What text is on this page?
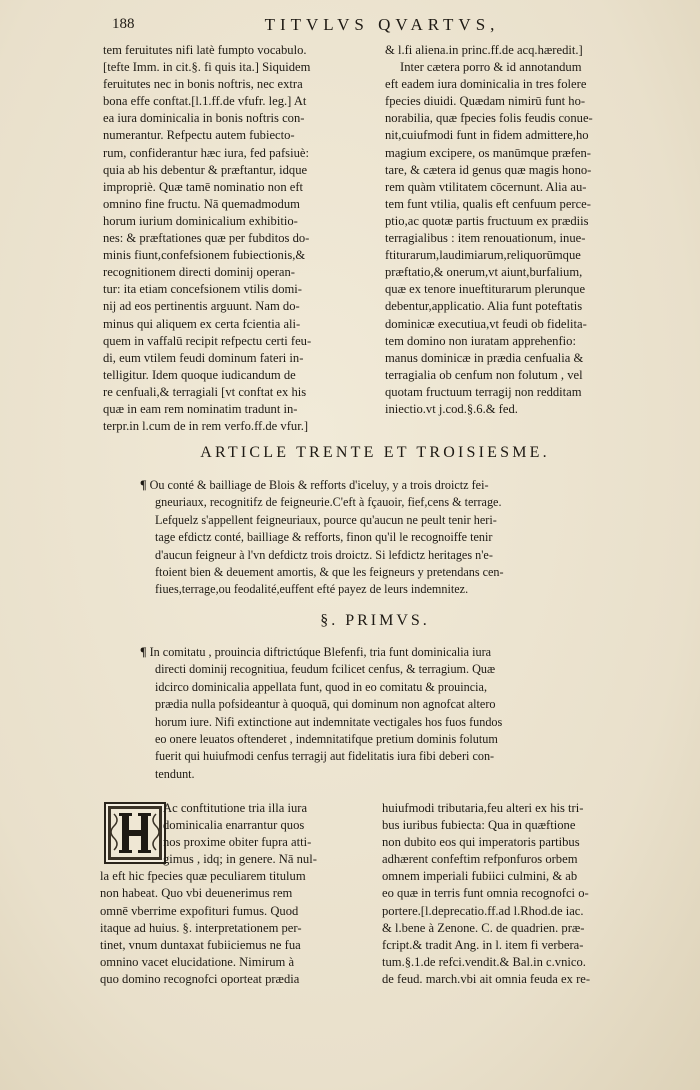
188	TITVLVS QVARTVS,
tem feruitutes nifi latè fumpto vocabulo.
[tefte Imm. in cit.§. fi quis ita.] Siquidem
feruitutes nec in bonis noftris, nec extra
bona effe conftat.[l.1.ff.de vfufr. leg.] At
ea iura dominicalia in bonis noftris con-
numerantur. Refpectu autem fubiecto-
rum, confiderantur hæc iura, fed pafsiuè:
quia ab his debentur & præftantur, idque
impropriè. Quæ tamē nominatio non eft
omnino fine fructu. Nā quemadmodum
horum iurium dominicalium exhibitio-
nes: & præftationes quæ per fubditos do-
minis fiunt,confefsionem fubiectionis,&
recognitionem directi dominij operan-
tur: ita etiam concefsionem vtilis domi-
nij ad eos pertinentis arguunt. Nam do-
minus qui aliquem ex certa fcientia ali-
quem in vaffalū recipit refpectu certi feu-
di, eum vtilem feudi dominum fateri in-
telligitur. Idem quoque iudicandum de
re cenfuali,& terragiali [vt conftat ex his
quæ in eam rem nominatim tradunt in-
terpr.in l.cum de in rem verfo.ff.de vfur.]
& l.fi aliena.in princ.ff.de acq.hæredit.]
Inter cætera porro & id annotandum
eft eadem iura dominicalia in tres folere
fpecies diuidi. Quædam nimirū funt ho-
norabilia, quæ fpecies folis feudis conue-
nit,cuiufmodi funt in fidem admittere,ho
magium excipere, os manūmque præfen-
tare, & cætera id genus quæ magis hono-
rem quàm vtilitatem cōcernunt. Alia au-
tem funt vtilia, qualis eft cenfuum perce-
ptio,ac quotæ partis fructuum ex prædiis
terragialibus : item renouationum, inue-
ftiturarum,laudimiarum,reliquorūmque
præftatio,& onerum,vt aiunt,burfalium,
quæ ex tenore inueftiturarum plerunque
debentur,applicatio. Alia funt poteftatis
dominicæ executiua,vt feudi ob fidelita-
tem domino non iuratam apprehenfio:
manus dominicæ in prædia cenfualia &
terragialia ob cenfum non folutum , vel
quotam fructuum terragij non redditam
iniectio.vt j.cod.§.6.& fed.
ARTICLE TRENTE ET TROISIESME.
¶ Ou conté & bailliage de Blois & refforts d'iceluy, y a trois droictz fei-
gneuriaux, recognitifz de feigneurie.C'eft à fçauoir, fief,cens & terrage.
Lefquelz s'appellent feigneuriaux, pource qu'aucun ne peult tenir heri-
tage efdictz conté, bailliage & refforts, finon qu'il le recognoiffe tenir
d'aucun feigneur à l'vn defdictz trois droictz. Si lefdictz heritages n'e-
ftoient bien & deuement amortis, & que les feigneurs y pretendans cen-
fiues,terrage,ou feodalité,euffent efté payez de leurs indemnitez.
§. PRIMVS.
¶ In comitatu , prouincia diftrictúque Blefenfi, tria funt dominicalia iura
directi dominij recognitiua, feudum fcilicet cenfus, & terragium. Quæ
idcirco dominicalia appellata funt, quod in eo comitatu & prouincia,
prædia nulla pofsideantur à quoquā, qui dominum non agnofcat altero
horum iure. Nifi extinctione aut indemnitate vectigales hos fuos fundos
eo onere leuatos oftenderet , indemnitatifque pretium dominis folutum
fuerit qui huiufmodi cenfus terragij aut fidelitatis iura fibi deberi con-
tendunt.
Ac conftitutione tria illa iura
dominicalia enarrantur quos
nos proxime obiter fupra atti-
gimus , idq; in genere. Nā nul-
la eft hic fpecies quæ peculiarem titulum
non habeat. Quo vbi deuenerimus rem
omnē vberrime expofituri fumus. Quod
itaque ad huius. §. interpretationem per-
tinet, vnum duntaxat fubiiciemus ne fua
omnino vacet elucidatione. Nimirum à
quo domino recognofci oporteat prædia
huiufmodi tributaria,feu alteri ex his tri-
bus iuribus fubiecta: Qua in quæftione
non dubito eos qui imperatoris partibus
adhærent confeftim refponfuros orbem
omnem imperiali fubiici culmini, & ab
eo quæ in terris funt omnia recognofci o-
portere.[l.deprecatio.ff.ad l.Rhod.de iac.
& l.bene à Zenone. C. de quadrien. præ-
fcript.& tradit Ang. in l. item fi verbera-
tum.§.1.de refci.vendit.& Bal.in c.vnico.
de feud. march.vbi ait omnia feuda ex re-
